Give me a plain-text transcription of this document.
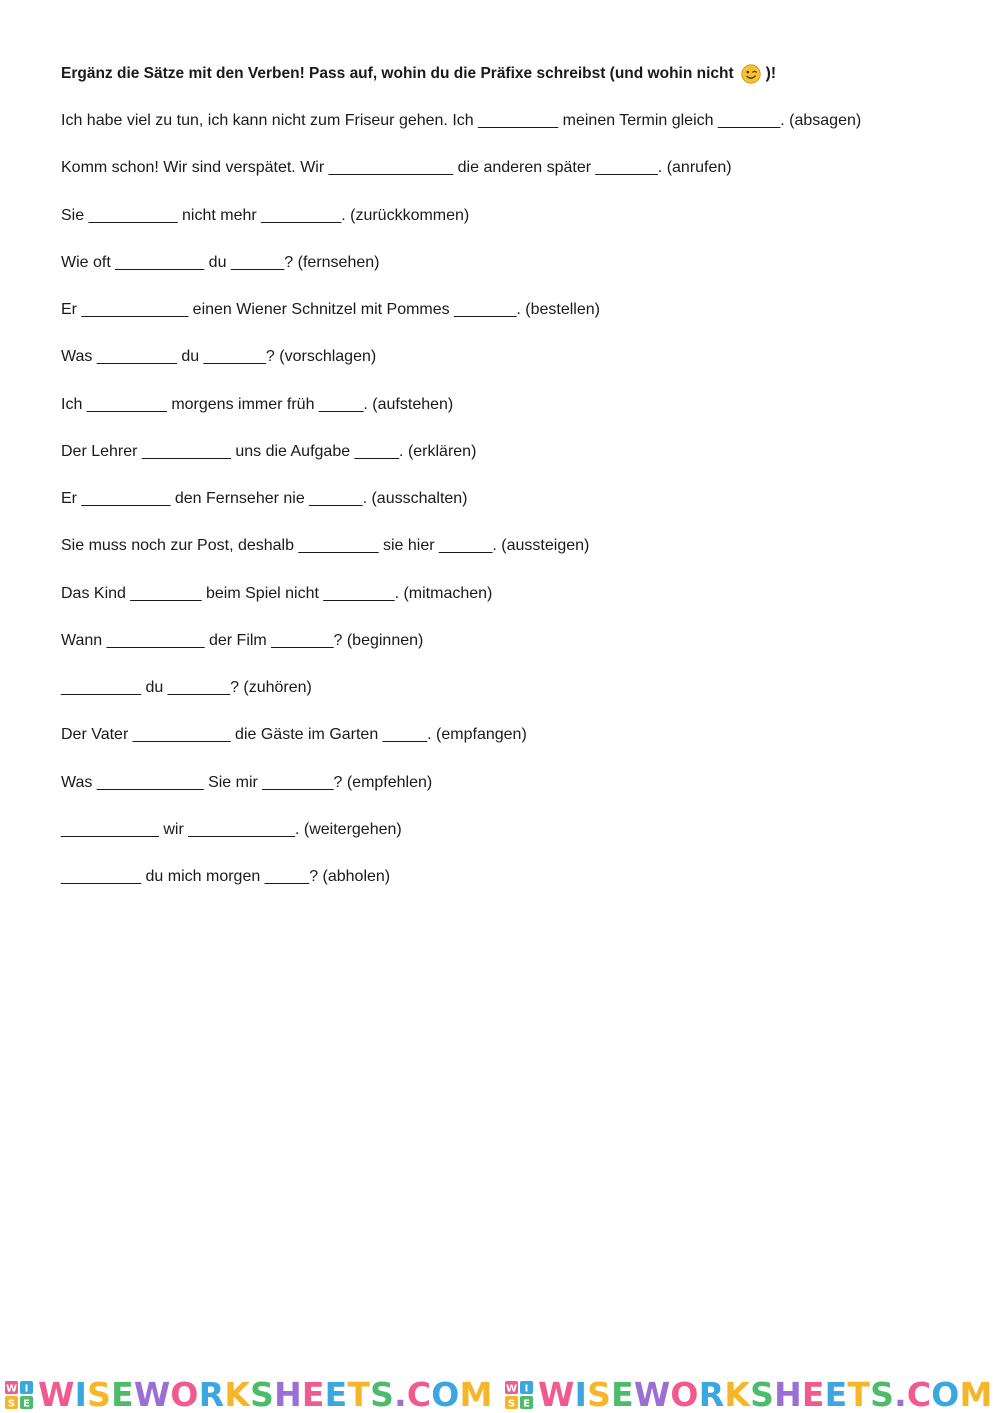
Ergänz die Sätze mit den Verben! Pass auf, wohin du die Präfixe schreibst (und wohin nicht )!
Ich habe viel zu tun, ich kann nicht zum Friseur gehen. Ich _________ meinen Termin gleich _______. (absagen)
Komm schon! Wir sind verspätet. Wir ______________ die anderen später _______. (anrufen)
Sie __________ nicht mehr _________. (zurückkommen)
Wie oft __________ du ______? (fernsehen)
Er ____________ einen Wiener Schnitzel mit Pommes _______. (bestellen)
Was _________ du _______? (vorschlagen)
Ich _________ morgens immer früh _____. (aufstehen)
Der Lehrer __________ uns die Aufgabe _____. (erklären)
Er __________ den Fernseher nie ______. (ausschalten)
Sie muss noch zur Post, deshalb _________ sie hier ______. (aussteigen)
Das Kind ________ beim Spiel nicht ________. (mitmachen)
Wann ___________ der Film _______? (beginnen)
_________ du _______? (zuhören)
Der Vater ___________ die Gäste im Garten _____. (empfangen)
Was ____________ Sie mir ________? (empfehlen)
___________ wir ____________. (weitergehen)
_________ du mich morgen _____? (abholen)
W I
S E WISEWORKSHEETS.COM W I
S E WISEWORKSHEETS.COM
